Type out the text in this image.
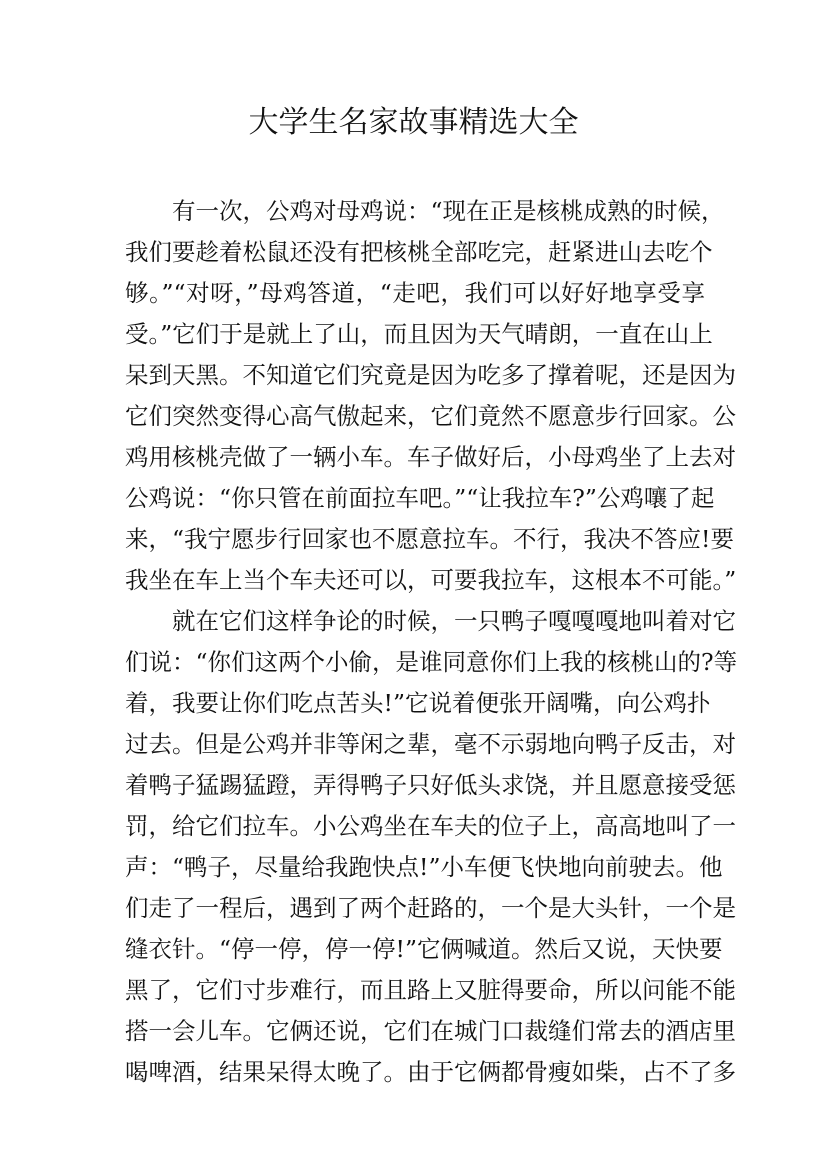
大学生名家故事精选大全
有一次，公鸡对母鸡说：“现在正是核桃成熟的时候，
我们要趁着松鼠还没有把核桃全部吃完，赶紧进山去吃个
够。”“对呀，”母鸡答道，“走吧，我们可以好好地享受享
受。”它们于是就上了山，而且因为天气晴朗，一直在山上
呆到天黑。不知道它们究竟是因为吃多了撑着呢，还是因为
它们突然变得心高气傲起来，它们竟然不愿意步行回家。公
鸡用核桃壳做了一辆小车。车子做好后，小母鸡坐了上去对
公鸡说：“你只管在前面拉车吧。”“让我拉车?”公鸡嚷了起
来，“我宁愿步行回家也不愿意拉车。不行，我决不答应!要
我坐在车上当个车夫还可以，可要我拉车，这根本不可能。”
就在它们这样争论的时候，一只鸭子嘎嘎嘎地叫着对它
们说：“你们这两个小偷，是谁同意你们上我的核桃山的?等
着，我要让你们吃点苦头!”它说着便张开阔嘴，向公鸡扑
过去。但是公鸡并非等闲之辈，毫不示弱地向鸭子反击，对
着鸭子猛踢猛蹬，弄得鸭子只好低头求饶，并且愿意接受惩
罚，给它们拉车。小公鸡坐在车夫的位子上，高高地叫了一
声：“鸭子，尽量给我跑快点!”小车便飞快地向前驶去。他
们走了一程后，遇到了两个赶路的，一个是大头针，一个是
缝衣针。“停一停，停一停!”它俩喊道。然后又说，天快要
黑了，它们寸步难行，而且路上又脏得要命，所以问能不能
搭一会儿车。它俩还说，它们在城门口裁缝们常去的酒店里
喝啤酒，结果呆得太晚了。由于它俩都骨瘦如柴，占不了多
